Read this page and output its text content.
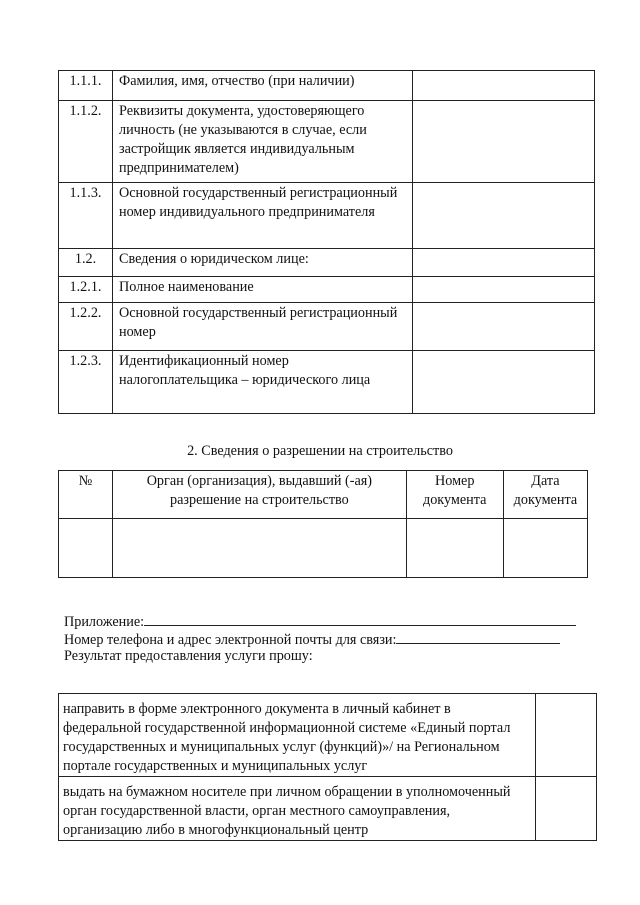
1.1.1.	Фамилия, имя, отчество (при наличии)	
1.1.2.	Реквизиты документа, удостоверяющего личность (не указываются в случае, если застройщик является индивидуальным предпринимателем)	
1.1.3.	Основной государственный регистрационный номер индивидуального предпринимателя	
1.2.	Сведения о юридическом лице:	
1.2.1.	Полное наименование	
1.2.2.	Основной государственный регистрационный номер	
1.2.3.	Идентификационный номер налогоплательщика – юридического лица	
2. Сведения о разрешении на строительство
№	Орган (организация), выдавший (-ая) разрешение на строительство	Номер документа	Дата документа

Приложение:
Номер телефона и адрес электронной почты для связи:
Результат предоставления услуги прошу:
направить в форме электронного документа в личный кабинет в федеральной государственной информационной системе «Единый портал государственных и муниципальных услуг (функций)»/ на Региональном портале государственных и муниципальных услуг	
выдать на бумажном носителе при личном обращении в уполномоченный орган государственной власти, орган местного самоуправления, организацию либо в многофункциональный центр	
